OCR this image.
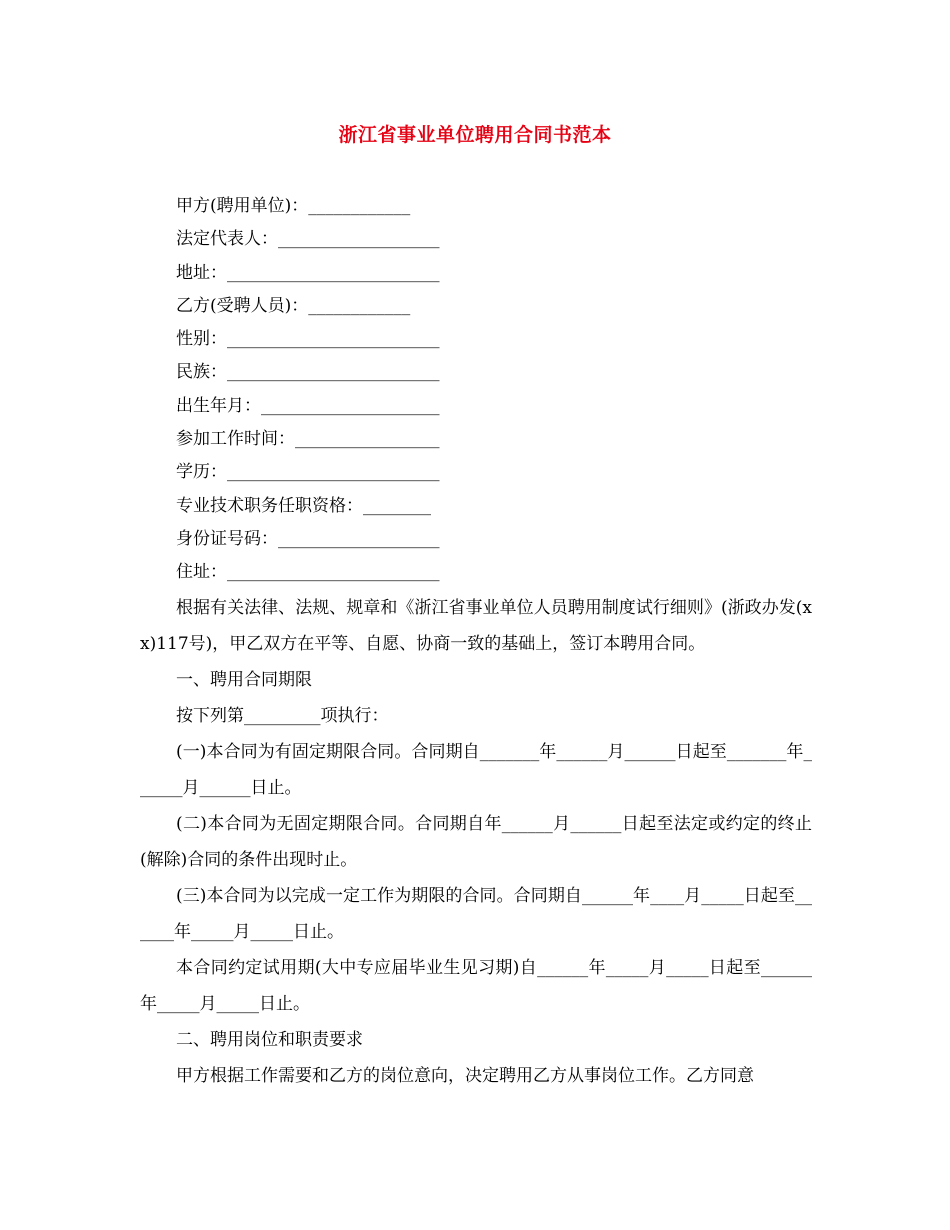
浙江省事业单位聘用合同书范本
甲方(聘用单位)：____________
法定代表人：___________________
地址：_________________________
乙方(受聘人员)：____________
性别：_________________________
民族：_________________________
出生年月：_____________________
参加工作时间：_________________
学历：_________________________
专业技术职务任职资格：________
身份证号码：___________________
住址：_________________________

根据有关法律、法规、规章和《浙江省事业单位人员聘用制度试行细则》(浙政办发(xx)117号)，甲乙双方在平等、自愿、协商一致的基础上，签订本聘用合同。

一、聘用合同期限

按下列第_________项执行：

(一)本合同为有固定期限合同。合同期自_______年______月______日起至_______年______月______日止。

(二)本合同为无固定期限合同。合同期自年______月______日起至法定或约定的终止(解除)合同的条件出现时止。

(三)本合同为以完成一定工作为期限的合同。合同期自______年____月_____日起至______年_____月_____日止。

本合同约定试用期(大中专应届毕业生见习期)自______年_____月_____日起至______年_____月_____日止。

二、聘用岗位和职责要求

甲方根据工作需要和乙方的岗位意向，决定聘用乙方从事岗位工作。乙方同意
